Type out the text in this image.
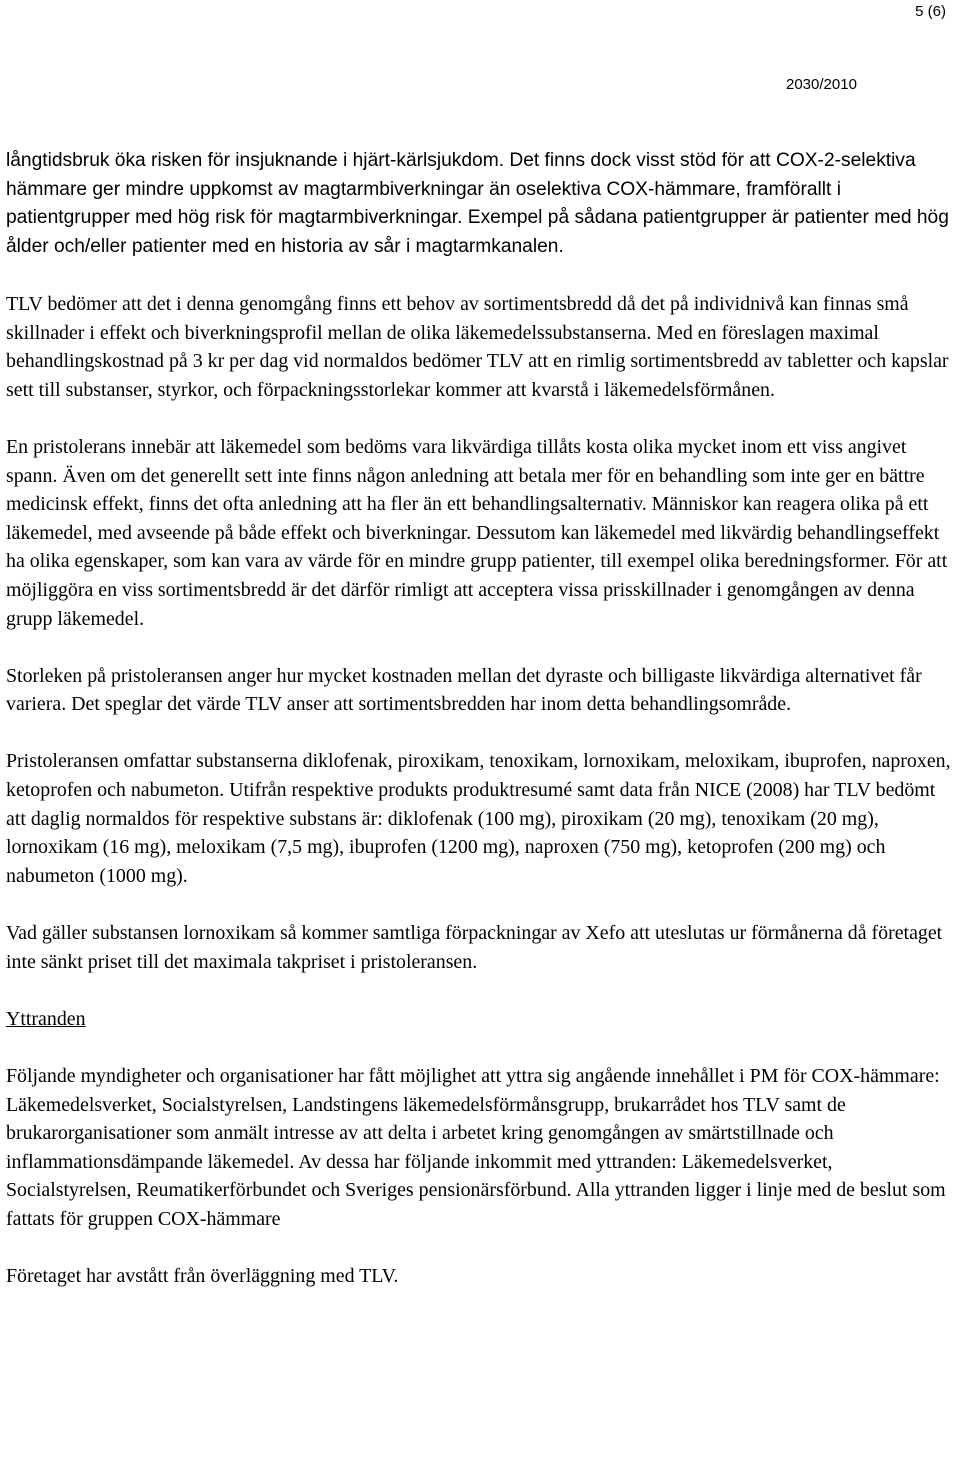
5 (6)
2030/2010

långtidsbruk öka risken för insjuknande i hjärt-kärlsjukdom. Det finns dock visst stöd för att COX-2-selektiva hämmare ger mindre uppkomst av magtarmbiverkningar än oselektiva COX-hämmare, framförallt i patientgrupper med hög risk för magtarmbiverkningar. Exempel på sådana patientgrupper är patienter med hög ålder och/eller patienter med en historia av sår i magtarmkanalen.

TLV bedömer att det i denna genomgång finns ett behov av sortimentsbredd då det på individnivå kan finnas små skillnader i effekt och biverkningsprofil mellan de olika läkemedelssubstanserna. Med en föreslagen maximal behandlingskostnad på 3 kr per dag vid normaldos bedömer TLV att en rimlig sortimentsbredd av tabletter och kapslar sett till substanser, styrkor, och förpackningsstorlekar kommer att kvarstå i läkemedelsförmånen.

En pristolerans innebär att läkemedel som bedöms vara likvärdiga tillåts kosta olika mycket inom ett viss angivet spann. Även om det generellt sett inte finns någon anledning att betala mer för en behandling som inte ger en bättre medicinsk effekt, finns det ofta anledning att ha fler än ett behandlingsalternativ. Människor kan reagera olika på ett läkemedel, med avseende på både effekt och biverkningar. Dessutom kan läkemedel med likvärdig behandlingseffekt ha olika egenskaper, som kan vara av värde för en mindre grupp patienter, till exempel olika beredningsformer. För att möjliggöra en viss sortimentsbredd är det därför rimligt att acceptera vissa prisskillnader i genomgången av denna grupp läkemedel.

Storleken på pristoleransen anger hur mycket kostnaden mellan det dyraste och billigaste likvärdiga alternativet får variera. Det speglar det värde TLV anser att sortimentsbredden har inom detta behandlingsområde.

Pristoleransen omfattar substanserna diklofenak, piroxikam, tenoxikam, lornoxikam, meloxikam, ibuprofen, naproxen, ketoprofen och nabumeton. Utifrån respektive produkts produktresumé samt data från NICE (2008) har TLV bedömt att daglig normaldos för respektive substans är: diklofenak (100 mg), piroxikam (20 mg), tenoxikam (20 mg), lornoxikam (16 mg), meloxikam (7,5 mg), ibuprofen (1200 mg), naproxen (750 mg), ketoprofen (200 mg) och nabumeton (1000 mg).

Vad gäller substansen lornoxikam så kommer samtliga förpackningar av Xefo att uteslutas ur förmånerna då företaget inte sänkt priset till det maximala takpriset i pristoleransen.

Yttranden

Följande myndigheter och organisationer har fått möjlighet att yttra sig angående innehållet i PM för COX-hämmare: Läkemedelsverket, Socialstyrelsen, Landstingens läkemedelsförmånsgrupp, brukarrådet hos TLV samt de brukarorganisationer som anmält intresse av att delta i arbetet kring genomgången av smärtstillnade och inflammationsdämpande läkemedel. Av dessa har följande inkommit med yttranden: Läkemedelsverket, Socialstyrelsen, Reumatikerförbundet och Sveriges pensionärsförbund. Alla yttranden ligger i linje med de beslut som fattats för gruppen COX-hämmare

Företaget har avstått från överläggning med TLV.
